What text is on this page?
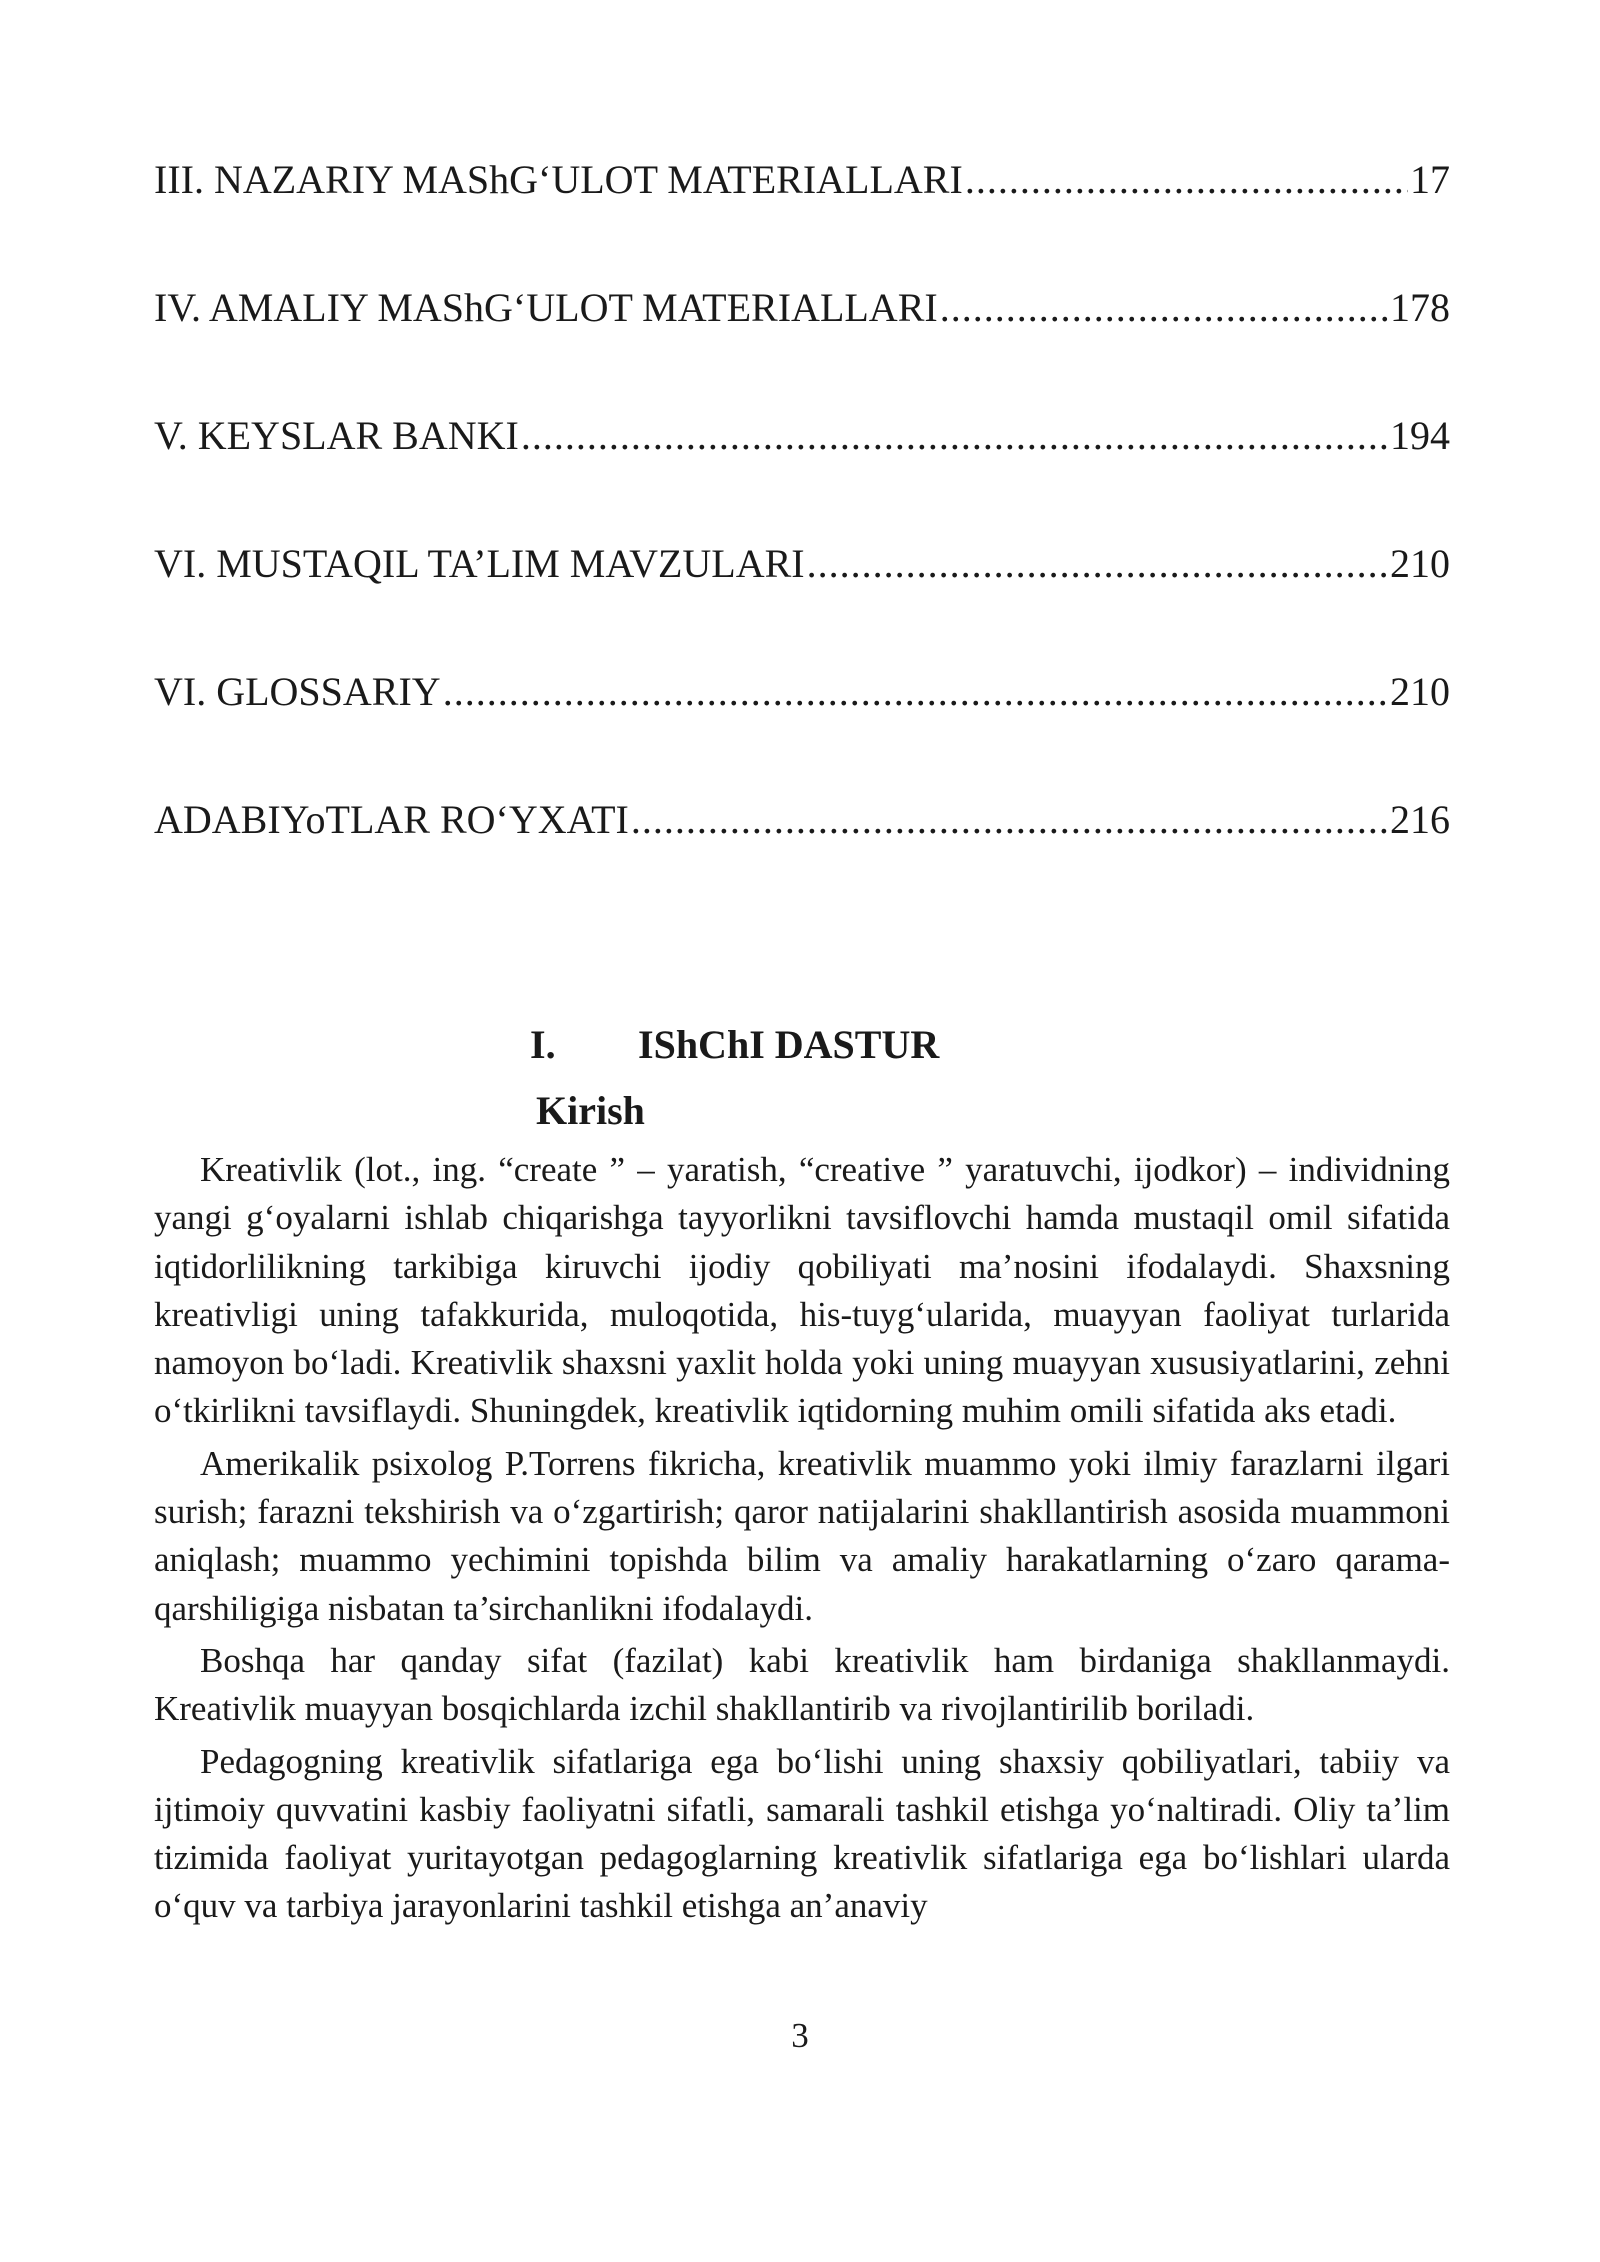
III. NAZARIY MAShG‘ULOT MATERIALLARI .....	17
IV. AMALIY MAShG‘ULOT MATERIALLARI .....	178
V. KEYSLAR BANKI .....	194
VI. MUSTAQIL TA’LIM MAVZULARI .....	210
VI. GLOSSARIY .....	210
ADABIYoTLAR RO‘YXATI .....	216
I. IShChI DASTUR
Kirish

Kreativlik (lot., ing. “create ” – yaratish, “creative ” yaratuvchi, ijodkor) – individning yangi g‘oyalarni ishlab chiqarishga tayyorlikni tavsiflovchi hamda mustaqil omil sifatida iqtidorlilikning tarkibiga kiruvchi ijodiy qobiliyati ma’nosini ifodalaydi. Shaxsning kreativligi uning tafakkurida, muloqotida, his-tuyg‘ularida, muayyan faoliyat turlarida namoyon bo‘ladi. Kreativlik shaxsni yaxlit holda yoki uning muayyan xususiyatlarini, zehni o‘tkirlikni tavsiflaydi. Shuningdek, kreativlik iqtidorning muhim omili sifatida aks etadi.

Amerikalik psixolog P.Torrens fikricha, kreativlik muammo yoki ilmiy farazlarni ilgari surish; farazni tekshirish va o‘zgartirish; qaror natijalarini shakllantirish asosida muammoni aniqlash; muammo yechimini topishda bilim va amaliy harakatlarning o‘zaro qarama-qarshiligiga nisbatan ta’sirchanlikni ifodalaydi.

Boshqa har qanday sifat (fazilat) kabi kreativlik ham birdaniga shakllanmaydi. Kreativlik muayyan bosqichlarda izchil shakllantirib va rivojlantirilib boriladi.

Pedagogning kreativlik sifatlariga ega bo‘lishi uning shaxsiy qobiliyatlari, tabiiy va ijtimoiy quvvatini kasbiy faoliyatni sifatli, samarali tashkil etishga yo‘naltiradi. Oliy ta’lim tizimida faoliyat yuritayotgan pedagoglarning kreativlik sifatlariga ega bo‘lishlari ularda o‘quv va tarbiya jarayonlarini tashkil etishga an’anaviy

3
